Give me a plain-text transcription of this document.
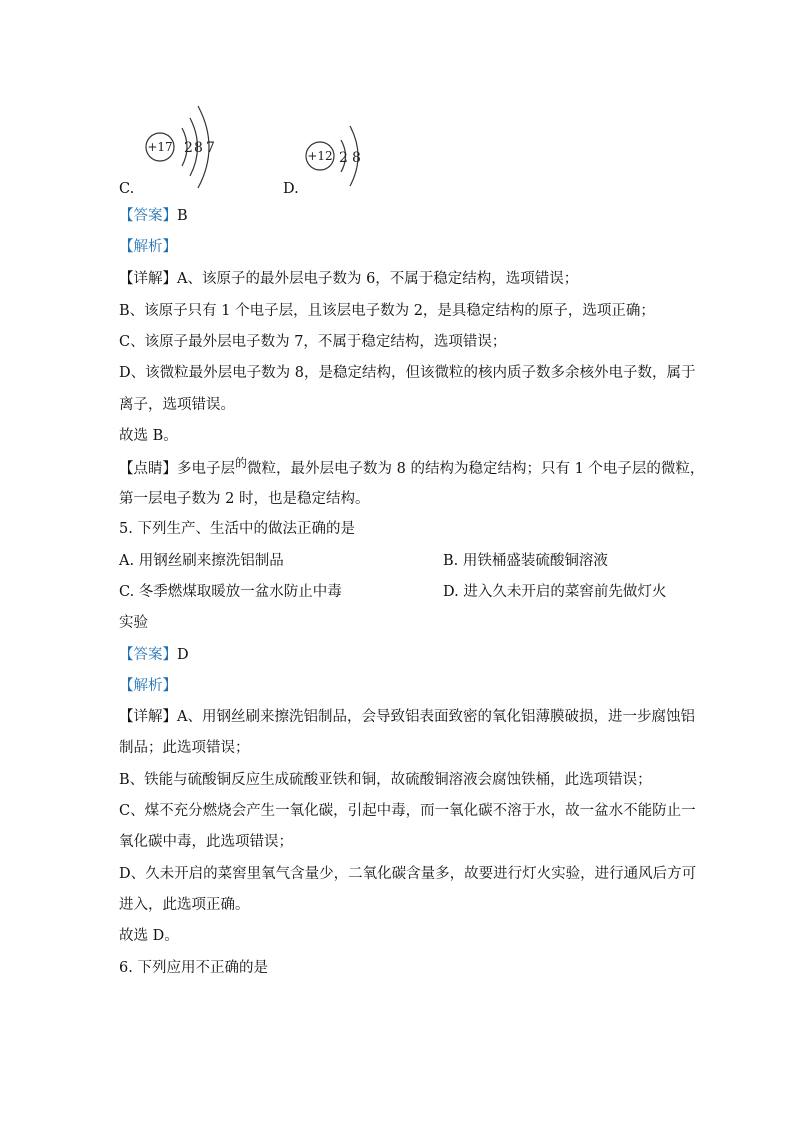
+17 2 8 7
C.
+12 2 8
D.
【答案】B
【解析】
【详解】A、该原子的最外层电子数为 6，不属于稳定结构，选项错误；
B、该原子只有 1 个电子层，且该层电子数为 2，是具稳定结构的原子，选项正确；
C、该原子最外层电子数为 7，不属于稳定结构，选项错误；
D、该微粒最外层电子数为 8，是稳定结构，但该微粒的核内质子数多余核外电子数，属于
离子，选项错误。
故选 B。
【点睛】多电子层$^的$微粒，最外层电子数为 8 的结构为稳定结构；只有 1 个电子层的微粒，
第一层电子数为 2 时，也是稳定结构。
5. 下列生产、生活中的做法正确的是
A. 用钢丝刷来擦洗铝制品	B. 用铁桶盛装硫酸铜溶液
C. 冬季燃煤取暖放一盆水防止中毒	D. 进入久未开启的菜窖前先做灯火
实验
【答案】D
【解析】
【详解】A、用钢丝刷来擦洗铝制品，会导致铝表面致密的氧化铝薄膜破损，进一步腐蚀铝
制品；此选项错误；
B、铁能与硫酸铜反应生成硫酸亚铁和铜，故硫酸铜溶液会腐蚀铁桶，此选项错误；
C、煤不充分燃烧会产生一氧化碳，引起中毒，而一氧化碳不溶于水，故一盆水不能防止一
氧化碳中毒，此选项错误；
D、久未开启的菜窖里氧气含量少，二氧化碳含量多，故要进行灯火实验，进行通风后方可
进入，此选项正确。
故选 D。
6. 下列应用不正确的是
